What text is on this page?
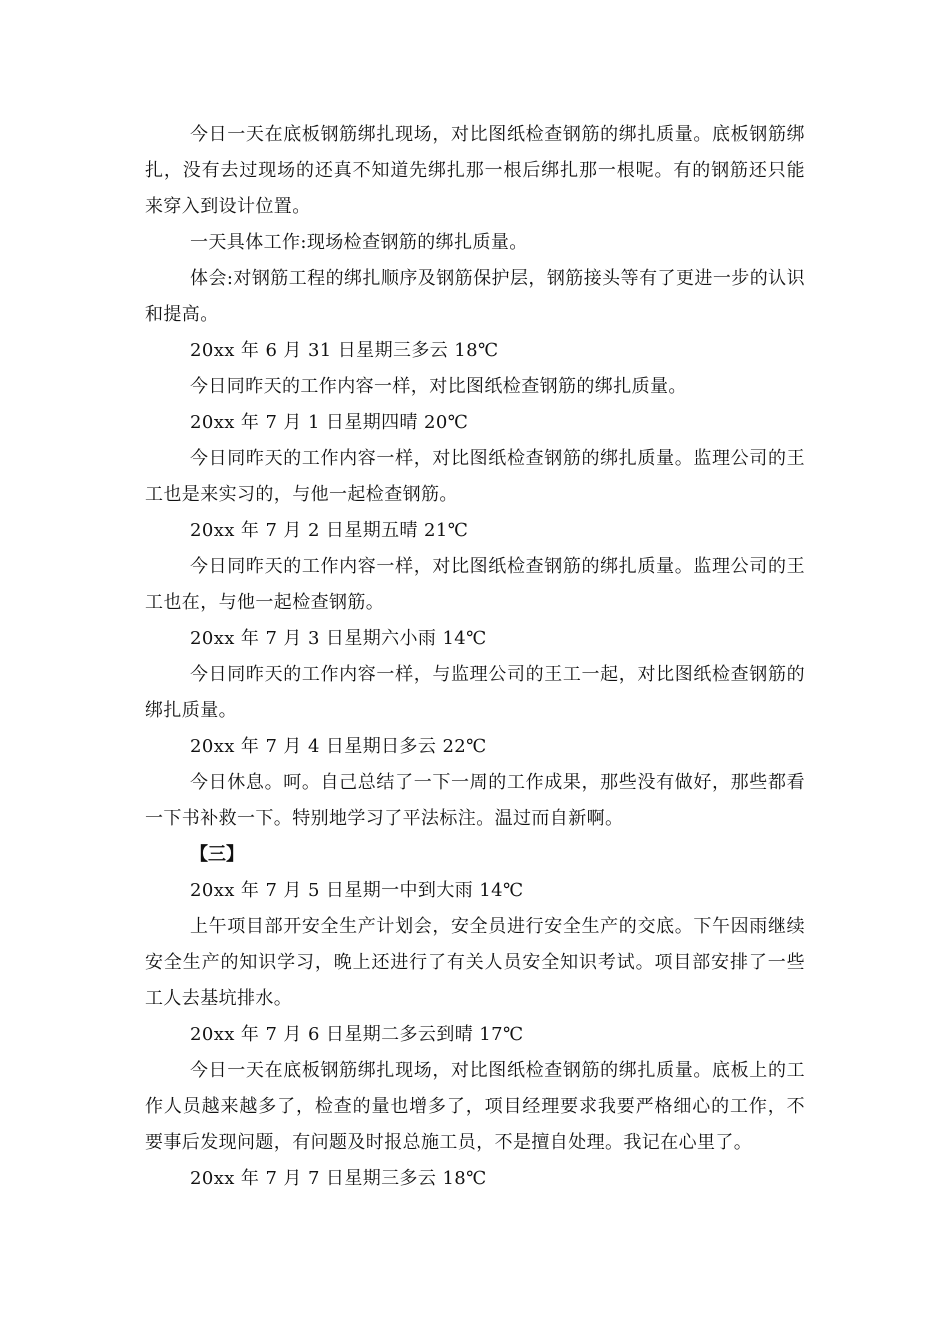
今日一天在底板钢筋绑扎现场，对比图纸检查钢筋的绑扎质量。底板钢筋绑扎，没有去过现场的还真不知道先绑扎那一根后绑扎那一根呢。有的钢筋还只能来穿入到设计位置。

一天具体工作:现场检查钢筋的绑扎质量。

体会:对钢筋工程的绑扎顺序及钢筋保护层，钢筋接头等有了更进一步的认识和提高。

20xx 年 6 月 31 日星期三多云 18℃

今日同昨天的工作内容一样，对比图纸检查钢筋的绑扎质量。

20xx 年 7 月 1 日星期四晴 20℃

今日同昨天的工作内容一样，对比图纸检查钢筋的绑扎质量。监理公司的王工也是来实习的，与他一起检查钢筋。

20xx 年 7 月 2 日星期五晴 21℃

今日同昨天的工作内容一样，对比图纸检查钢筋的绑扎质量。监理公司的王工也在，与他一起检查钢筋。

20xx 年 7 月 3 日星期六小雨 14℃

今日同昨天的工作内容一样，与监理公司的王工一起，对比图纸检查钢筋的绑扎质量。

20xx 年 7 月 4 日星期日多云 22℃

今日休息。呵。自己总结了一下一周的工作成果，那些没有做好，那些都看一下书补救一下。特别地学习了平法标注。温过而自新啊。

【三】

20xx 年 7 月 5 日星期一中到大雨 14℃

上午项目部开安全生产计划会，安全员进行安全生产的交底。下午因雨继续安全生产的知识学习，晚上还进行了有关人员安全知识考试。项目部安排了一些工人去基坑排水。

20xx 年 7 月 6 日星期二多云到晴 17℃

今日一天在底板钢筋绑扎现场，对比图纸检查钢筋的绑扎质量。底板上的工作人员越来越多了，检查的量也增多了，项目经理要求我要严格细心的工作，不要事后发现问题，有问题及时报总施工员，不是擅自处理。我记在心里了。

20xx 年 7 月 7 日星期三多云 18℃
